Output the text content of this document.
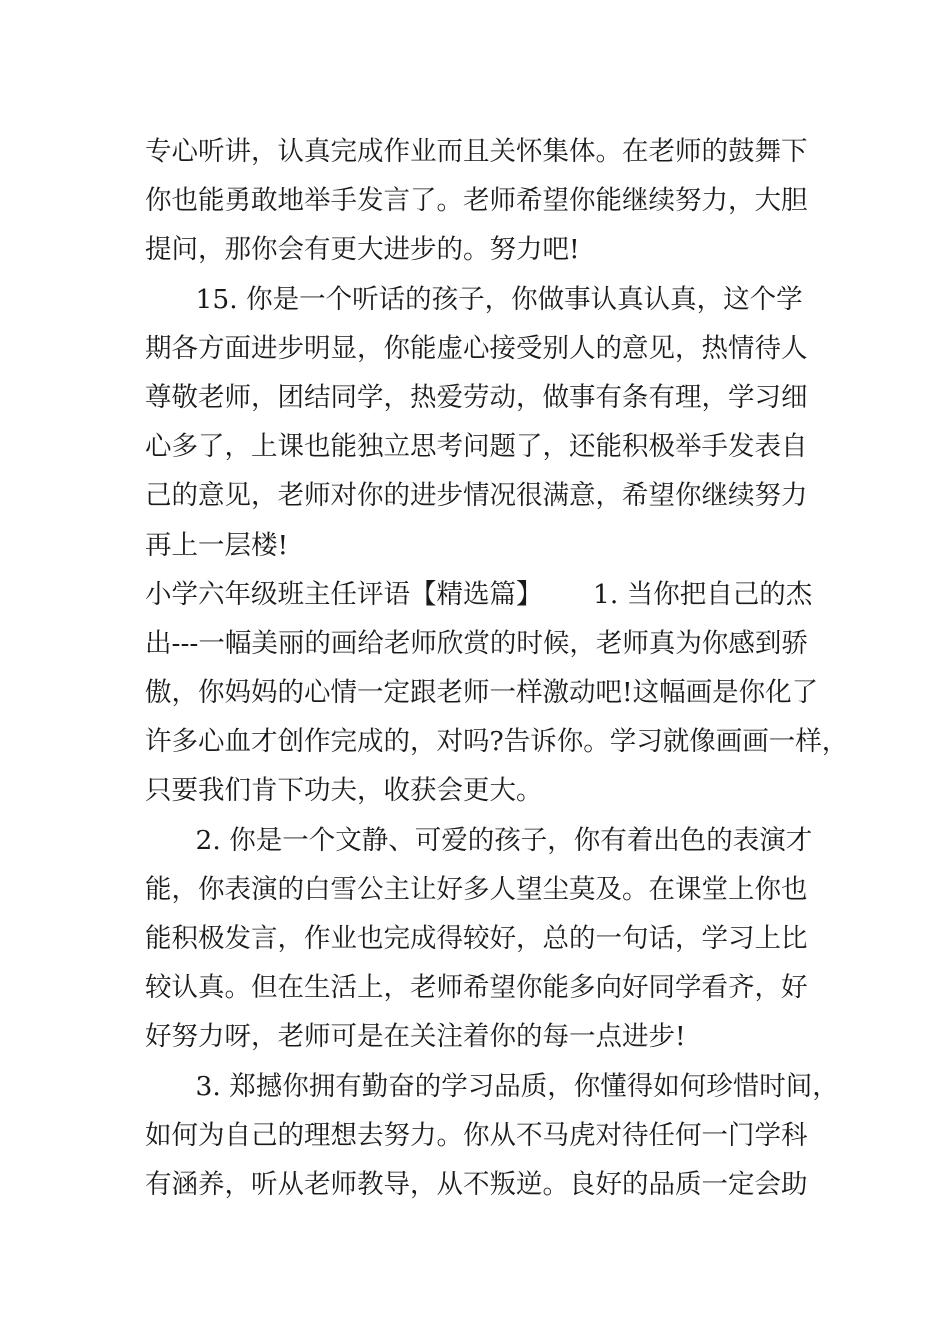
专心听讲，认真完成作业而且关怀集体。在老师的鼓舞下
你也能勇敢地举手发言了。老师希望你能继续努力，大胆
提问，那你会有更大进步的。努力吧!
15. 你是一个听话的孩子，你做事认真认真，这个学
期各方面进步明显，你能虚心接受别人的意见，热情待人
尊敬老师，团结同学，热爱劳动，做事有条有理，学习细
心多了，上课也能独立思考问题了，还能积极举手发表自
己的意见，老师对你的进步情况很满意，希望你继续努力
再上一层楼!
小学六年级班主任评语【精选篇】      1. 当你把自己的杰
出---一幅美丽的画给老师欣赏的时候，老师真为你感到骄
傲，你妈妈的心情一定跟老师一样激动吧!这幅画是你化了
许多心血才创作完成的，对吗?告诉你。学习就像画画一样，
只要我们肯下功夫，收获会更大。
2. 你是一个文静、可爱的孩子，你有着出色的表演才
能，你表演的白雪公主让好多人望尘莫及。在课堂上你也
能积极发言，作业也完成得较好，总的一句话，学习上比
较认真。但在生活上，老师希望你能多向好同学看齐，好
好努力呀，老师可是在关注着你的每一点进步!
3. 郑撼你拥有勤奋的学习品质，你懂得如何珍惜时间，
如何为自己的理想去努力。你从不马虎对待任何一门学科
有涵养，听从老师教导，从不叛逆。良好的品质一定会助
